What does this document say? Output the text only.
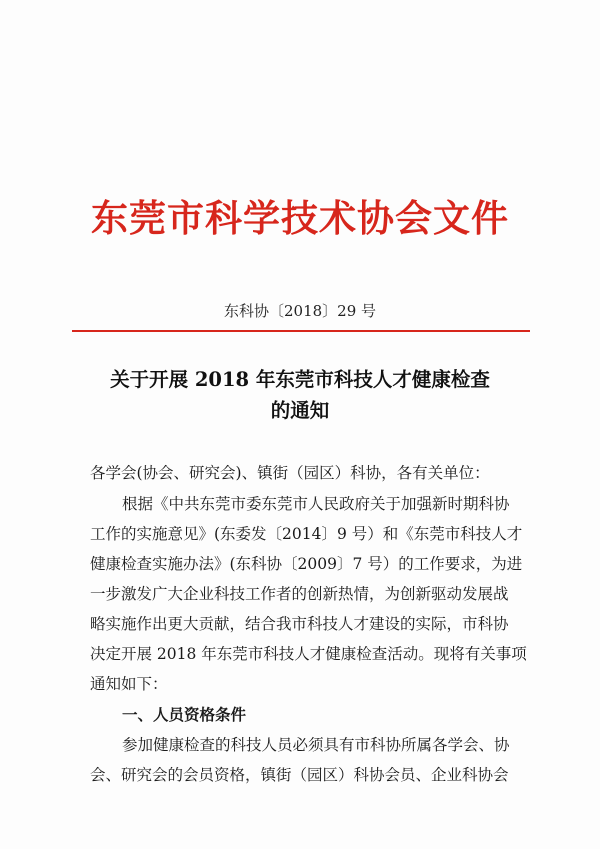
东莞市科学技术协会文件
东科协〔2018〕29 号
关于开展 2018 年东莞市科技人才健康检查
的通知
各学会(协会、研究会)、镇街（园区）科协，各有关单位：
根据《中共东莞市委东莞市人民政府关于加强新时期科协
工作的实施意见》(东委发〔2014〕9 号）和《东莞市科技人才
健康检查实施办法》(东科协〔2009〕7 号）的工作要求，为进
一步激发广大企业科技工作者的创新热情，为创新驱动发展战
略实施作出更大贡献，结合我市科技人才建设的实际，市科协
决定开展 2018 年东莞市科技人才健康检查活动。现将有关事项
通知如下：
一、人员资格条件
参加健康检查的科技人员必须具有市科协所属各学会、协
会、研究会的会员资格，镇街（园区）科协会员、企业科协会
